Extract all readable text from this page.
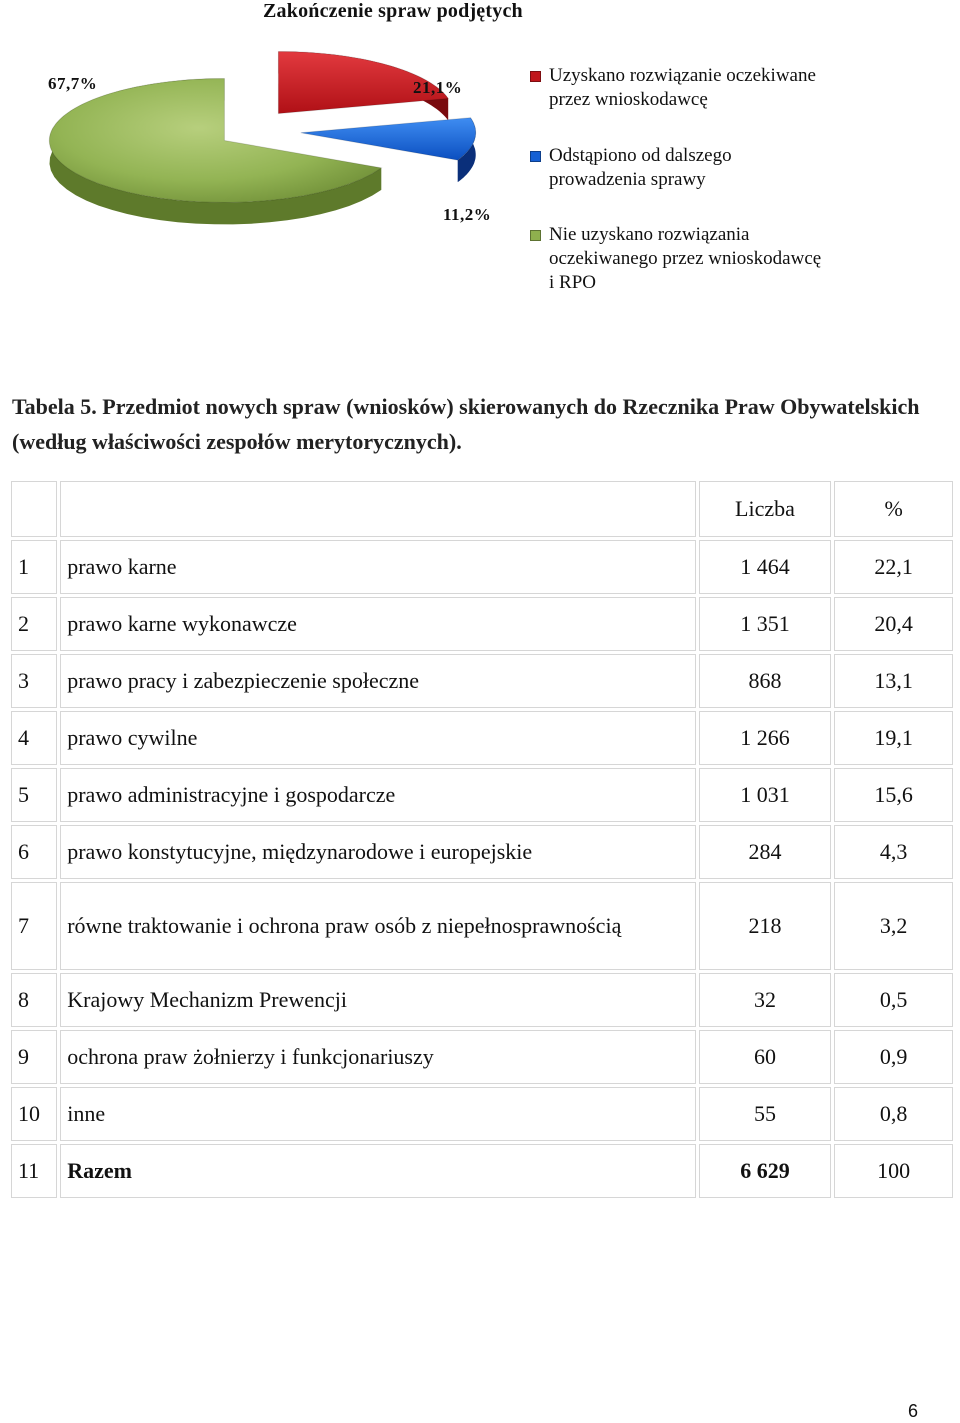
Zakończenie spraw podjętych
21,1%
11,2%
67,7%	Uzyskano rozwiązanie oczekiwane
przez wnioskodawcę
Odstąpiono od dalszego
prowadzenia sprawy
Nie uzyskano rozwiązania
oczekiwanego przez wnioskodawcę
i RPO
Tabela 5. Przedmiot nowych spraw (wniosków) skierowanych do Rzecznika Praw Obywatelskich (według właściwości zespołów merytorycznych).
		Liczba	%
1	prawo karne	1 464	22,1
2	prawo karne wykonawcze	1 351	20,4
3	prawo pracy i zabezpieczenie społeczne	868	13,1
4	prawo cywilne	1 266	19,1
5	prawo administracyjne i gospodarcze	1 031	15,6
6	prawo konstytucyjne, międzynarodowe i europejskie	284	4,3
7	równe traktowanie i ochrona praw osób z niepełnosprawnością	218	3,2
8	Krajowy Mechanizm Prewencji	32	0,5
9	ochrona praw żołnierzy i funkcjonariuszy	60	0,9
10	inne	55	0,8
11	Razem	6 629	100
6
